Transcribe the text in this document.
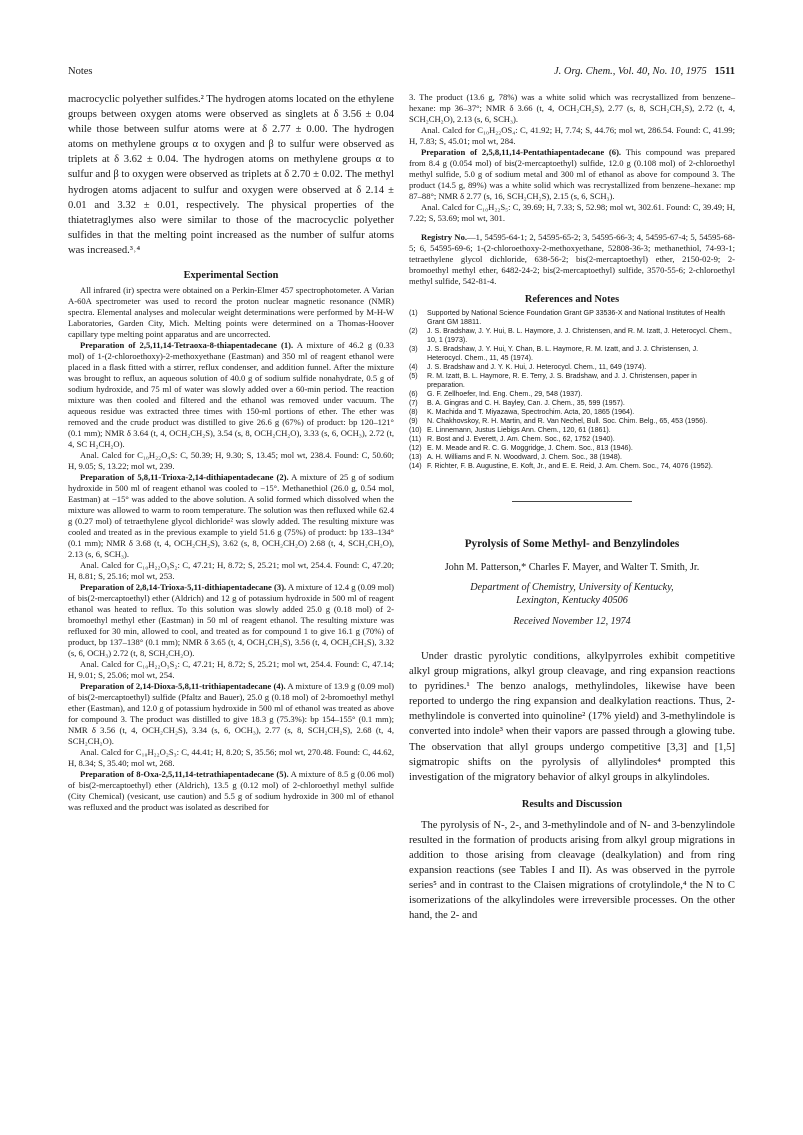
Notes	J. Org. Chem., Vol. 40, No. 10, 1975 1511

macrocyclic polyether sulfides.² The hydrogen atoms located on the ethylene groups between oxygen atoms were observed as singlets at δ 3.56 ± 0.04 while those between sulfur atoms were at δ 2.77 ± 0.00. The hydrogen atoms on methylene groups α to oxygen and β to sulfur were observed as triplets at δ 3.62 ± 0.04. The hydrogen atoms on methylene groups α to sulfur and β to oxygen were observed as triplets at δ 2.70 ± 0.02. The methyl hydrogen atoms adjacent to sulfur and oxygen were observed at δ 2.14 ± 0.01 and 3.32 ± 0.01, respectively. The physical properties of the thiatetraglymes also were similar to those of the macrocyclic polyether sulfides in that the melting point increased as the number of sulfur atoms was increased.³˒⁴

Experimental Section

All infrared (ir) spectra were obtained on a Perkin-Elmer 457 spectrophotometer. A Varian A-60A spectrometer was used to record the proton nuclear magnetic resonance (NMR) spectra. Elemental analyses and molecular weight determinations were performed by M-H-W Laboratories, Garden City, Mich. Melting points were determined on a Thomas-Hoover capillary type melting point apparatus and are uncorrected.

Preparation of 2,5,11,14-Tetraoxa-8-thiapentadecane (1). A mixture of 46.2 g (0.33 mol) of 1-(2-chloroethoxy)-2-methoxyethane (Eastman) and 350 ml of reagent ethanol were placed in a flask fitted with a stirrer, reflux condenser, and addition funnel. After the mixture was brought to reflux, an aqueous solution of 40.0 g of sodium sulfide nonahydrate, 0.5 g of sodium hydroxide, and 75 ml of water was slowly added over a 60-min period. The reaction mixture was then cooled and filtered and the ethanol was removed under vacuum. The aqueous residue was extracted three times with 150-ml portions of ether. The ether was removed and the crude product was distilled to give 26.6 g (67%) of product: bp 120–121° (0.1 mm); NMR δ 3.64 (t, 4, OCH₂CH₂S), 3.54 (s, 8, OCH₂CH₂O), 3.33 (s, 6, OCH₃), 2.72 (t, 4, SC H₂CH₂O).

Anal. Calcd for C₁₀H₂₂O₄S: C, 50.39; H, 9.30; S, 13.45; mol wt, 238.4. Found: C, 50.60; H, 9.05; S, 13.22; mol wt, 239.

Preparation of 5,8,11-Trioxa-2,14-dithiapentadecane (2). A mixture of 25 g of sodium hydroxide in 500 ml of reagent ethanol was cooled to −15°. Methanethiol (26.0 g, 0.54 mol, Eastman) at −15° was added to the above solution. A solid formed which dissolved when the mixture was allowed to warm to room temperature. The solution was then refluxed while 62.4 g (0.27 mol) of tetraethylene glycol dichloride² was slowly added. The resulting mixture was cooled and treated as in the previous example to yield 51.6 g (75%) of product: bp 133–134° (0.1 mm); NMR δ 3.68 (t, 4, OCH₂CH₂S), 3.62 (s, 8, OCH₂CH₂O) 2.68 (t, 4, SCH₂CH₂O), 2.13 (s, 6, SCH₃).

Anal. Calcd for C₁₀H₂₂O₃S₂: C, 47.21; H, 8.72; S, 25.21; mol wt, 254.4. Found: C, 47.20; H, 8.81; S, 25.16; mol wt, 253.

Preparation of 2,8,14-Trioxa-5,11-dithiapentadecane (3). A mixture of 12.4 g (0.09 mol) of bis(2-mercaptoethyl) ether (Aldrich) and 12 g of potassium hydroxide in 500 ml of reagent ethanol was heated to reflux. To this solution was slowly added 25.0 g (0.18 mol) of 2-bromoethyl methyl ether (Eastman) in 50 ml of reagent ethanol. The resulting mixture was refluxed for 30 min, allowed to cool, and treated as for compound 1 to give 16.1 g (70%) of product, bp 137–138° (0.1 mm); NMR δ 3.65 (t, 4, OCH₂CH₂S), 3.56 (t, 4, OCH₂CH₂S), 3.32 (s, 6, OCH₃) 2.72 (t, 8, SCH₂CH₂O).

Anal. Calcd for C₁₀H₂₂O₃S₂: C, 47.21; H, 8.72; S, 25.21; mol wt, 254.4. Found: C, 47.14; H, 9.01; S, 25.06; mol wt, 254.

Preparation of 2,14-Dioxa-5,8,11-trithiapentadecane (4). A mixture of 13.9 g (0.09 mol) of bis(2-mercaptoethyl) sulfide (Pfaltz and Bauer), 25.0 g (0.18 mol) of 2-bromoethyl methyl ether (Eastman), and 12.0 g of potassium hydroxide in 500 ml of ethanol was treated as above for compound 3. The product was distilled to give 18.3 g (75.3%): bp 154–155° (0.1 mm); NMR δ 3.56 (t, 4, OCH₂CH₂S), 3.34 (s, 6, OCH₃), 2.77 (s, 8, SCH₂CH₂S), 2.68 (t, 4, SCH₂CH₂O).

Anal. Calcd for C₁₀H₂₂O₂S₃: C, 44.41; H, 8.20; S, 35.56; mol wt, 270.48. Found: C, 44.62, H, 8.34; S, 35.40; mol wt, 268.

Preparation of 8-Oxa-2,5,11,14-tetrathiapentadecane (5). A mixture of 8.5 g (0.06 mol) of bis(2-mercaptoethyl) ether (Aldrich), 13.5 g (0.12 mol) of 2-chloroethyl methyl sulfide (City Chemical) (vesicant, use caution) and 5.5 g of sodium hydroxide in 300 ml of ethanol was refluxed and the product was isolated as described for

3. The product (13.6 g, 78%) was a white solid which was recrystallized from benzene–hexane: mp 36–37°; NMR δ 3.66 (t, 4, OCH₂CH₂S), 2.77 (s, 8, SCH₂CH₂S), 2.72 (t, 4, SCH₂CH₂O), 2.13 (s, 6, SCH₃).

Anal. Calcd for C₁₀H₂₂OS₄: C, 41.92; H, 7.74; S, 44.76; mol wt, 286.54. Found: C, 41.99; H, 7.83; S, 45.01; mol wt, 284.

Preparation of 2,5,8,11,14-Pentathiapentadecane (6). This compound was prepared from 8.4 g (0.054 mol) of bis(2-mercaptoethyl) sulfide, 12.0 g (0.108 mol) of 2-chloroethyl methyl sulfide, 5.0 g of sodium metal and 300 ml of ethanol as above for compound 3. The product (14.5 g, 89%) was a white solid which was recrystallized from benzene–hexane: mp 87–88°; NMR δ 2.77 (s, 16, SCH₂CH₂S), 2.15 (s, 6, SCH₃).

Anal. Calcd for C₁₀H₂₂S₅: C, 39.69; H, 7.33; S, 52.98; mol wt, 302.61. Found: C, 39.49; H, 7.22; S, 53.69; mol wt, 301.

Registry No.—1, 54595-64-1; 2, 54595-65-2; 3, 54595-66-3; 4, 54595-67-4; 5, 54595-68-5; 6, 54595-69-6; 1-(2-chloroethoxy-2-methoxyethane, 52808-36-3; methanethiol, 74-93-1; tetraethylene glycol dichloride, 638-56-2; bis(2-mercaptoethyl) ether, 2150-02-9; 2-bromoethyl methyl ether, 6482-24-2; bis(2-mercaptoethyl) sulfide, 3570-55-6; 2-chloroethyl methyl sulfide, 542-81-4.

References and Notes
(1) Supported by National Science Foundation Grant GP 33536-X and National Institutes of Health Grant GM 18811.
(2) J. S. Bradshaw, J. Y. Hui, B. L. Haymore, J. J. Christensen, and R. M. Izatt, J. Heterocycl. Chem., 10, 1 (1973).
(3) J. S. Bradshaw, J. Y. Hui, Y. Chan, B. L. Haymore, R. M. Izatt, and J. J. Christensen, J. Heterocycl. Chem., 11, 45 (1974).
(4) J. S. Bradshaw and J. Y. K. Hui, J. Heterocycl. Chem., 11, 649 (1974).
(5) R. M. Izatt, B. L. Haymore, R. E. Terry, J. S. Bradshaw, and J. J. Christensen, paper in preparation.
(6) G. F. Zellhoefer, Ind. Eng. Chem., 29, 548 (1937).
(7) B. A. Gingras and C. H. Bayley, Can. J. Chem., 35, 599 (1957).
(8) K. Machida and T. Miyazawa, Spectrochim. Acta, 20, 1865 (1964).
(9) N. Chakhovskoy, R. H. Martin, and R. Van Nechel, Bull. Soc. Chim. Belg., 65, 453 (1956).
(10) E. Linnemann, Justus Liebigs Ann. Chem., 120, 61 (1861).
(11) R. Bost and J. Everett, J. Am. Chem. Soc., 62, 1752 (1940).
(12) E. M. Meade and R. C. G. Moggridge, J. Chem. Soc., 813 (1946).
(13) A. H. Williams and F. N. Woodward, J. Chem. Soc., 38 (1948).
(14) F. Richter, F. B. Augustine, E. Koft, Jr., and E. E. Reid, J. Am. Chem. Soc., 74, 4076 (1952).

Pyrolysis of Some Methyl- and Benzylindoles

John M. Patterson,* Charles F. Mayer, and Walter T. Smith, Jr.

Department of Chemistry, University of Kentucky,

Lexington, Kentucky 40506

Received November 12, 1974

Under drastic pyrolytic conditions, alkylpyrroles exhibit competitive alkyl group migrations, alkyl group cleavage, and ring expansion reactions to pyridines.¹ The benzo analogs, methylindoles, likewise have been reported to undergo the ring expansion and dealkylation reactions. Thus, 2-methylindole is converted into quinoline² (17% yield) and 3-methylindole is converted into indole³ when their vapors are passed through a glowing tube. The observation that allyl groups undergo competitive [3,3] and [1,5] sigmatropic shifts on the pyrolysis of allylindoles⁴ prompted this investigation of the migratory behavior of alkyl groups in alkylindoles.

Results and Discussion

The pyrolysis of N-, 2-, and 3-methylindole and of N- and 3-benzylindole resulted in the formation of products arising from alkyl group migrations in addition to those arising from cleavage (dealkylation) and from ring expansion reactions (see Tables I and II). As was observed in the pyrrole series⁵ and in contrast to the Claisen migrations of crotylindole,⁴ the N to C isomerizations of the alkylindoles were irreversible processes. On the other hand, the 2- and
